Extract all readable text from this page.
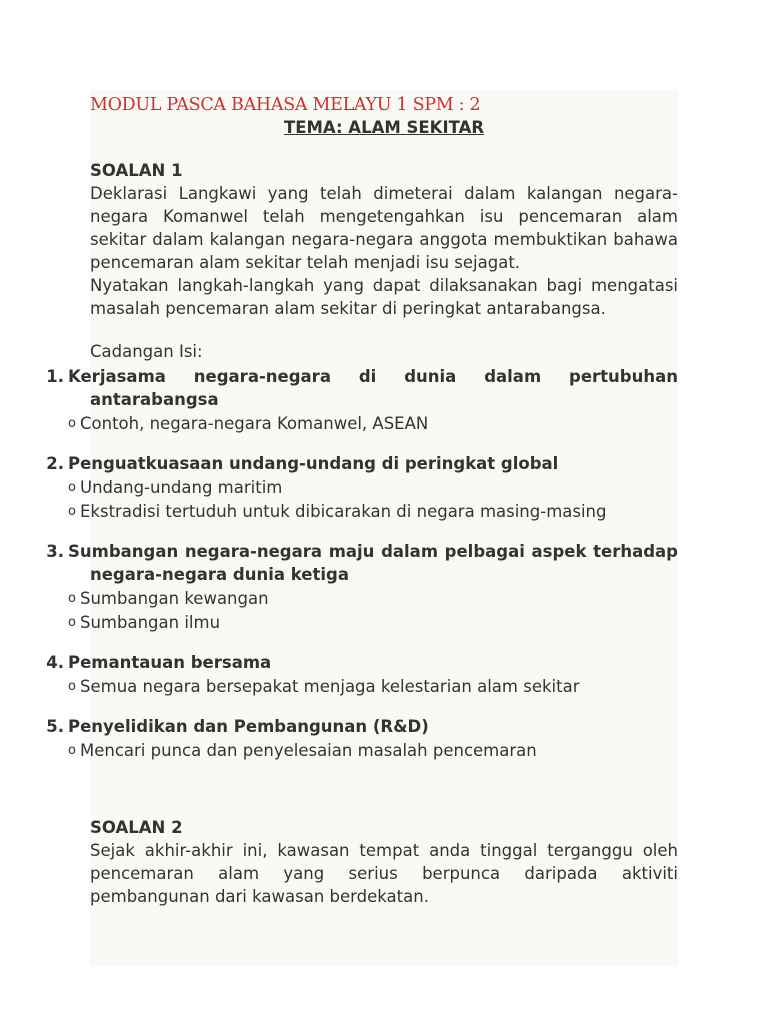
MODUL PASCA BAHASA MELAYU 1 SPM : 2
TEMA: ALAM SEKITAR
SOALAN 1
Deklarasi Langkawi yang telah dimeterai dalam kalangan negara-negara Komanwel telah mengetengahkan isu pencemaran alam sekitar dalam kalangan negara-negara anggota membuktikan bahawa pencemaran alam sekitar telah menjadi isu sejagat.
Nyatakan langkah-langkah yang dapat dilaksanakan bagi mengatasi masalah pencemaran alam sekitar di peringkat antarabangsa.
Cadangan Isi:
1. Kerjasama negara-negara di dunia dalam pertubuhan antarabangsa
o Contoh, negara-negara Komanwel, ASEAN
2. Penguatkuasaan undang-undang di peringkat global
o Undang-undang maritim
o Ekstradisi tertuduh untuk dibicarakan di negara masing-masing
3. Sumbangan negara-negara maju dalam pelbagai aspek terhadap negara-negara dunia ketiga
o Sumbangan kewangan
o Sumbangan ilmu
4. Pemantauan bersama
o Semua negara bersepakat menjaga kelestarian alam sekitar
5. Penyelidikan dan Pembangunan (R&D)
o Mencari punca dan penyelesaian masalah pencemaran
SOALAN 2
Sejak akhir-akhir ini, kawasan tempat anda tinggal terganggu oleh pencemaran alam yang serius berpunca daripada aktiviti pembangunan dari kawasan berdekatan.
